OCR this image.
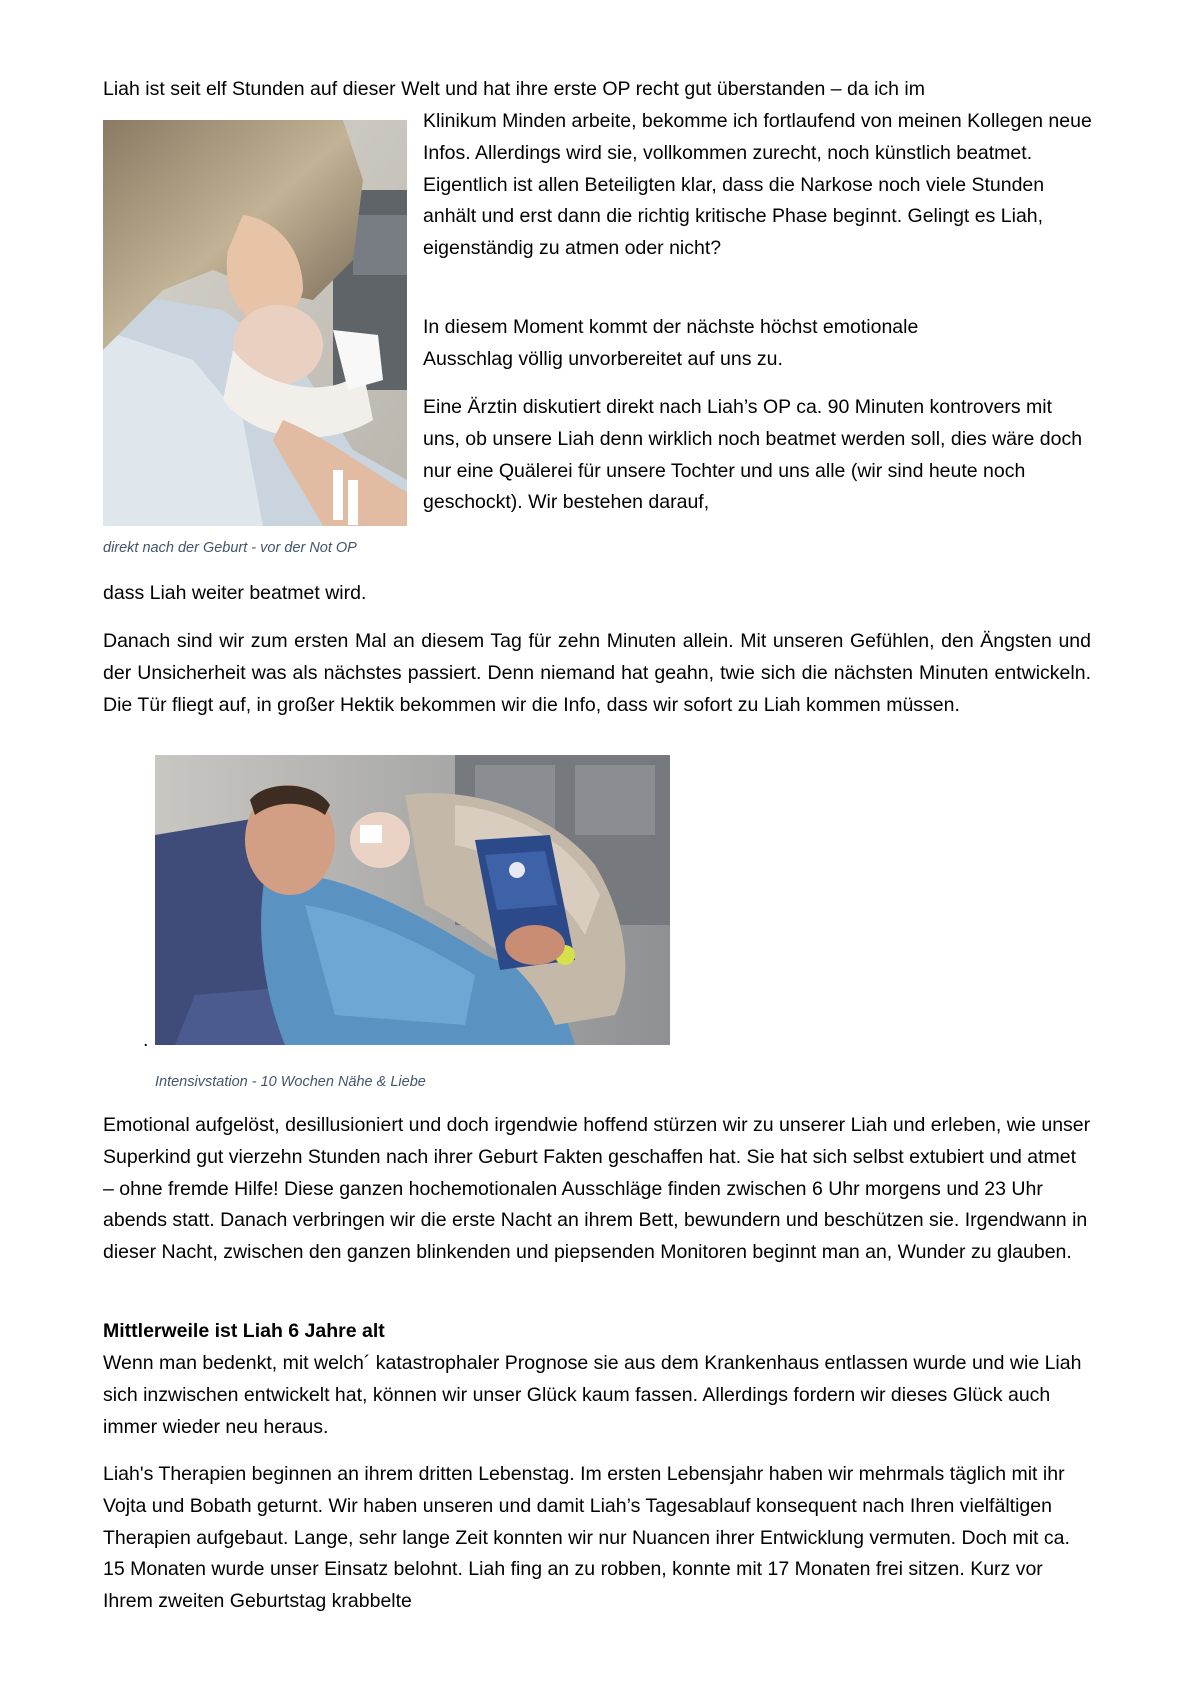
Liah ist seit elf Stunden auf dieser Welt und hat ihre erste OP recht gut überstanden – da ich im

Klinikum Minden arbeite, bekomme ich fortlaufend von meinen Kollegen neue Infos. Allerdings wird sie, vollkommen zurecht, noch künstlich beatmet. Eigentlich ist allen Beteiligten klar, dass die Narkose noch viele Stunden anhält und erst dann die richtig kritische Phase beginnt. Gelingt es Liah, eigenständig zu atmen oder nicht?

In diesem Moment kommt der nächste höchst emotionale Ausschlag völlig unvorbereitet auf uns zu.

Eine Ärztin diskutiert direkt nach Liah’s OP ca. 90 Minuten kontrovers mit uns, ob unsere Liah denn wirklich noch beatmet werden soll, dies wäre doch nur eine Quälerei für unsere Tochter und uns alle (wir sind heute noch geschockt). Wir bestehen darauf,

direkt nach der Geburt - vor der Not OP

dass Liah weiter beatmet wird.

Danach sind wir zum ersten Mal an diesem Tag für zehn Minuten allein. Mit unseren Gefühlen, den Ängsten und der Unsicherheit was als nächstes passiert. Denn niemand hat geahn, twie sich die nächsten Minuten entwickeln. Die Tür fliegt auf, in großer Hektik bekommen wir die Info, dass wir sofort zu Liah kommen müssen.

.

Intensivstation - 10 Wochen Nähe & Liebe

Emotional aufgelöst, desillusioniert und doch irgendwie hoffend stürzen wir zu unserer Liah und erleben, wie unser Superkind gut vierzehn Stunden nach ihrer Geburt Fakten geschaffen hat. Sie hat sich selbst extubiert und atmet – ohne fremde Hilfe! Diese ganzen hochemotionalen Ausschläge finden zwischen 6 Uhr morgens und 23 Uhr abends statt. Danach verbringen wir die erste Nacht an ihrem Bett, bewundern und beschützen sie. Irgendwann in dieser Nacht, zwischen den ganzen blinkenden und piepsenden Monitoren beginnt man an, Wunder zu glauben.

Mittlerweile ist Liah 6 Jahre alt

Wenn man bedenkt, mit welch´ katastrophaler Prognose sie aus dem Krankenhaus entlassen wurde und wie Liah sich inzwischen entwickelt hat, können wir unser Glück kaum fassen. Allerdings fordern wir dieses Glück auch immer wieder neu heraus.

Liah's Therapien beginnen an ihrem dritten Lebenstag. Im ersten Lebensjahr haben wir mehrmals täglich mit ihr Vojta und Bobath geturnt. Wir haben unseren und damit Liah’s Tagesablauf konsequent nach Ihren vielfältigen Therapien aufgebaut. Lange, sehr lange Zeit konnten wir nur Nuancen ihrer Entwicklung vermuten. Doch mit ca. 15 Monaten wurde unser Einsatz belohnt. Liah fing an zu robben, konnte mit 17 Monaten frei sitzen. Kurz vor Ihrem zweiten Geburtstag krabbelte
